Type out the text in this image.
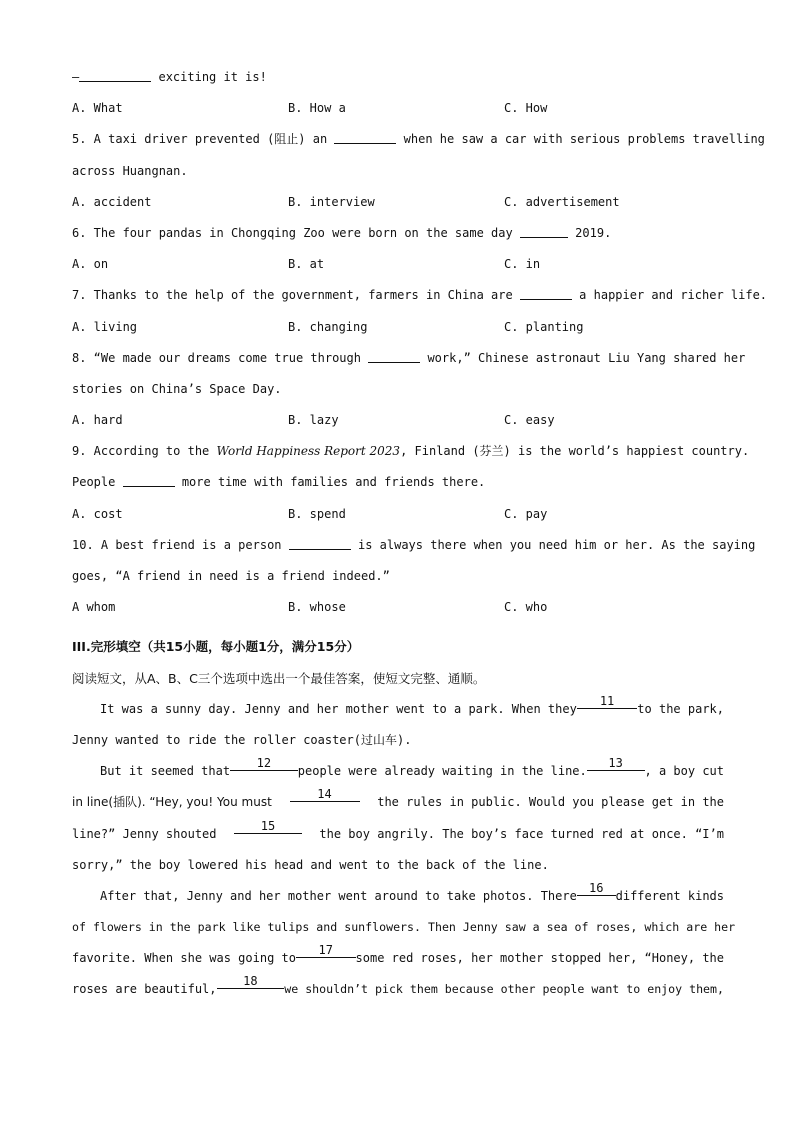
—	exciting it is!
A. What	B. How a	C. How
5. A taxi driver prevented (阻止) an	when he saw a car with serious problems travelling
across Huangnan.
A. accident	B. interview	C. advertisement
6. The four pandas in Chongqing Zoo were born on the same day	2019.
A. on	B. at	C. in
7. Thanks to the help of the government, farmers in China are	a happier and richer life.
A. living	B. changing	C. planting
8. “We made our dreams come true through	work,” Chinese astronaut Liu Yang shared her
stories on China’s Space Day.
A. hard	B. lazy	C. easy
9. According to the World Happiness Report 2023, Finland (芬兰) is the world’s happiest country.
People	more time with families and friends there.
A. cost	B. spend	C. pay
10. A best friend is a person	is always there when you need him or her. As the saying
goes, “A friend in need is a friend indeed.”
A whom	B. whose	C. who
III.完形填空（共15小题，每小题1分，满分15分）
阅读短文，从A、B、C三个选项中选出一个最佳答案，使短文完整、通顺。
It was a sunny day. Jenny and her mother went to a park. When they
11
to the park,
Jenny wanted to ride the roller coaster(过山车).
But it seemed that
12
people were already waiting in the line.
13
, a boy cut
in line(插队). “Hey, you! You must
14
the rules in public. Would you please get in the
line?” Jenny shouted
15
the boy angrily. The boy’s face turned red at once. “I’m
sorry,” the boy lowered his head and went to the back of the line.
After that, Jenny and her mother went around to take photos. There
16
different kinds
of flowers in the park like tulips and sunflowers. Then Jenny saw a sea of roses, which are her
favorite. When she was going to
17
some red roses, her mother stopped her, “Honey, the
roses are beautiful,
18
we shouldn’t pick them because other people want to enjoy them,
